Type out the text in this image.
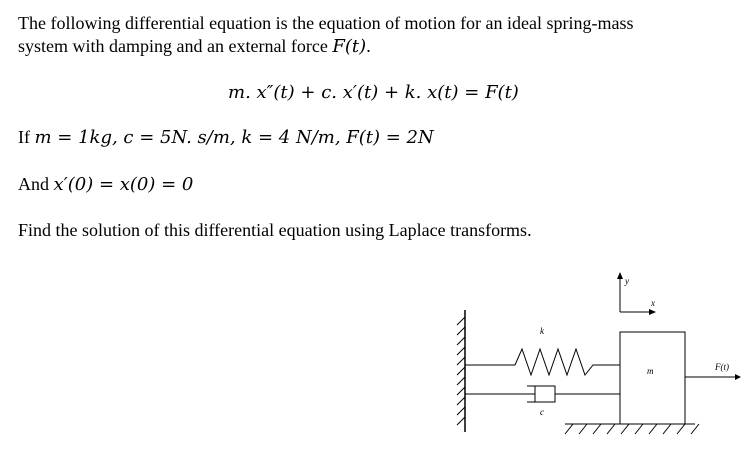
The following differential equation is the equation of motion for an ideal spring-mass
system with damping and an external force F(t).
m. x″(t) + c. x′(t) + k. x(t) = F(t)
If m = 1kg, c = 5N. s/m, k = 4 N/m, F(t) = 2N
And x′(0) = x(0) = 0
Find the solution of this differential equation using Laplace transforms.
y
x
k
c
m	F(t)
